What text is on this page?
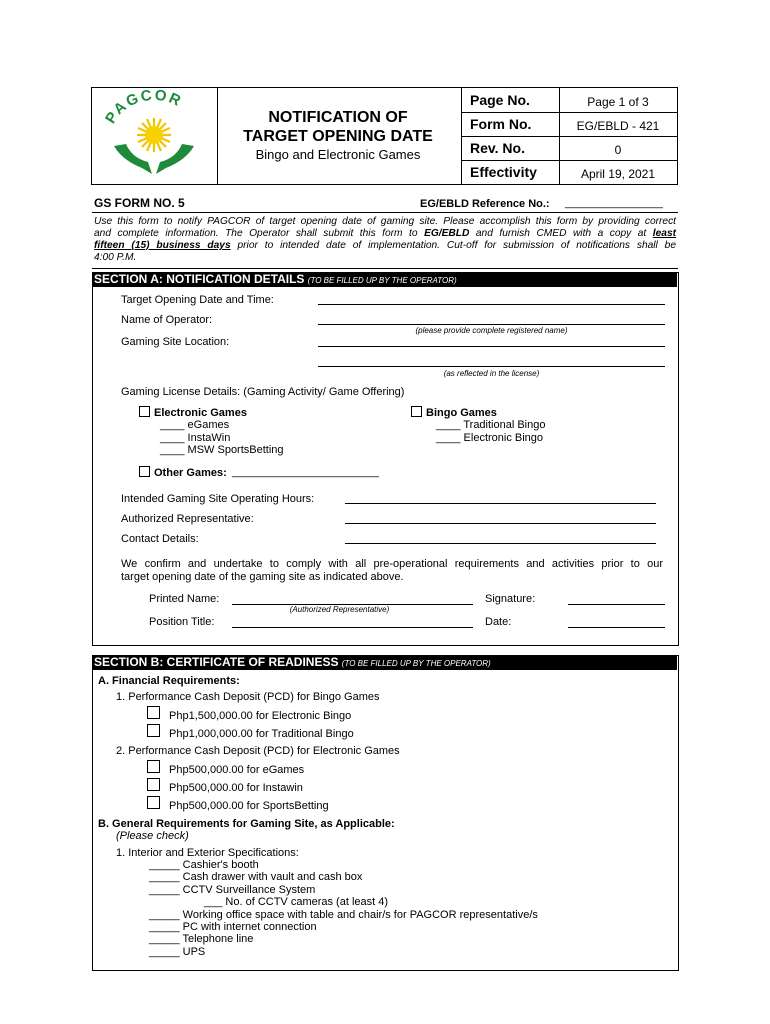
PAGCOR
NOTIFICATION OF
TARGET OPENING DATE
Bingo and Electronic Games
Page No.	Page 1 of 3
Form No.	EG/EBLD - 421
Rev. No.	0
Effectivity	April 19, 2021
GS FORM NO. 5	EG/EBLD Reference No.: ________________
Use this form to notify PAGCOR of target opening date of gaming site. Please accomplish this form by providing correct
and complete information. The Operator shall submit this form to EG/EBLD and furnish CMED with a copy at least
fifteen (15) business days prior to intended date of implementation. Cut-off for submission of notifications shall be
4:00 P.M.
SECTION A: NOTIFICATION DETAILS (TO BE FILLED UP BY THE OPERATOR)
Target Opening Date and Time:
Name of Operator:
(please provide complete registered name)
Gaming Site Location:
(as reflected in the license)
Gaming License Details: (Gaming Activity/ Game Offering)
Electronic Games
____ eGames
____ InstaWin
____ MSW SportsBetting
Bingo Games
____ Traditional Bingo
____ Electronic Bingo
Other Games: ________________________
Intended Gaming Site Operating Hours:
Authorized Representative:
Contact Details:
We confirm and undertake to comply with all pre-operational requirements and activities prior to our
target opening date of the gaming site as indicated above.
Printed Name:
(Authorized Representative)
Signature:
Position Title:	Date:
SECTION B: CERTIFICATE OF READINESS (TO BE FILLED UP BY THE OPERATOR)
A. Financial Requirements:
1. Performance Cash Deposit (PCD) for Bingo Games
Php1,500,000.00 for Electronic Bingo
Php1,000,000.00 for Traditional Bingo
2. Performance Cash Deposit (PCD) for Electronic Games
Php500,000.00 for eGames
Php500,000.00 for Instawin
Php500,000.00 for SportsBetting
B. General Requirements for Gaming Site, as Applicable:
(Please check)
1. Interior and Exterior Specifications:
_____ Cashier's booth
_____ Cash drawer with vault and cash box
_____ CCTV Surveillance System
___ No. of CCTV cameras (at least 4)
_____ Working office space with table and chair/s for PAGCOR representative/s
_____ PC with internet connection
_____ Telephone line
_____ UPS
